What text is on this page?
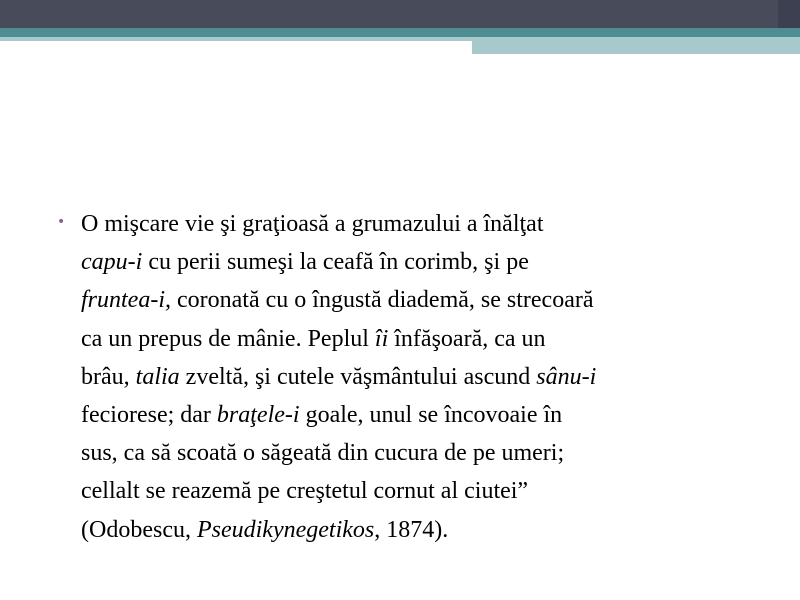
• O mişcare vie şi graţioasă a grumazului a înălţat
capu-i cu perii sumeşi la ceafă în corimb, şi pe
fruntea-i, coronată cu o îngustă diademă, se strecoară
ca un prepus de mânie. Peplul îi înfăşoară, ca un
brâu, talia zveltă, şi cutele văşmântului ascund sânu-i
feciorese; dar braţele-i goale, unul se încovoaie în
sus, ca să scoată o săgeată din cucura de pe umeri;
cellalt se reazemă pe creştetul cornut al ciutei”
(Odobescu, Pseudikynegetikos, 1874).
